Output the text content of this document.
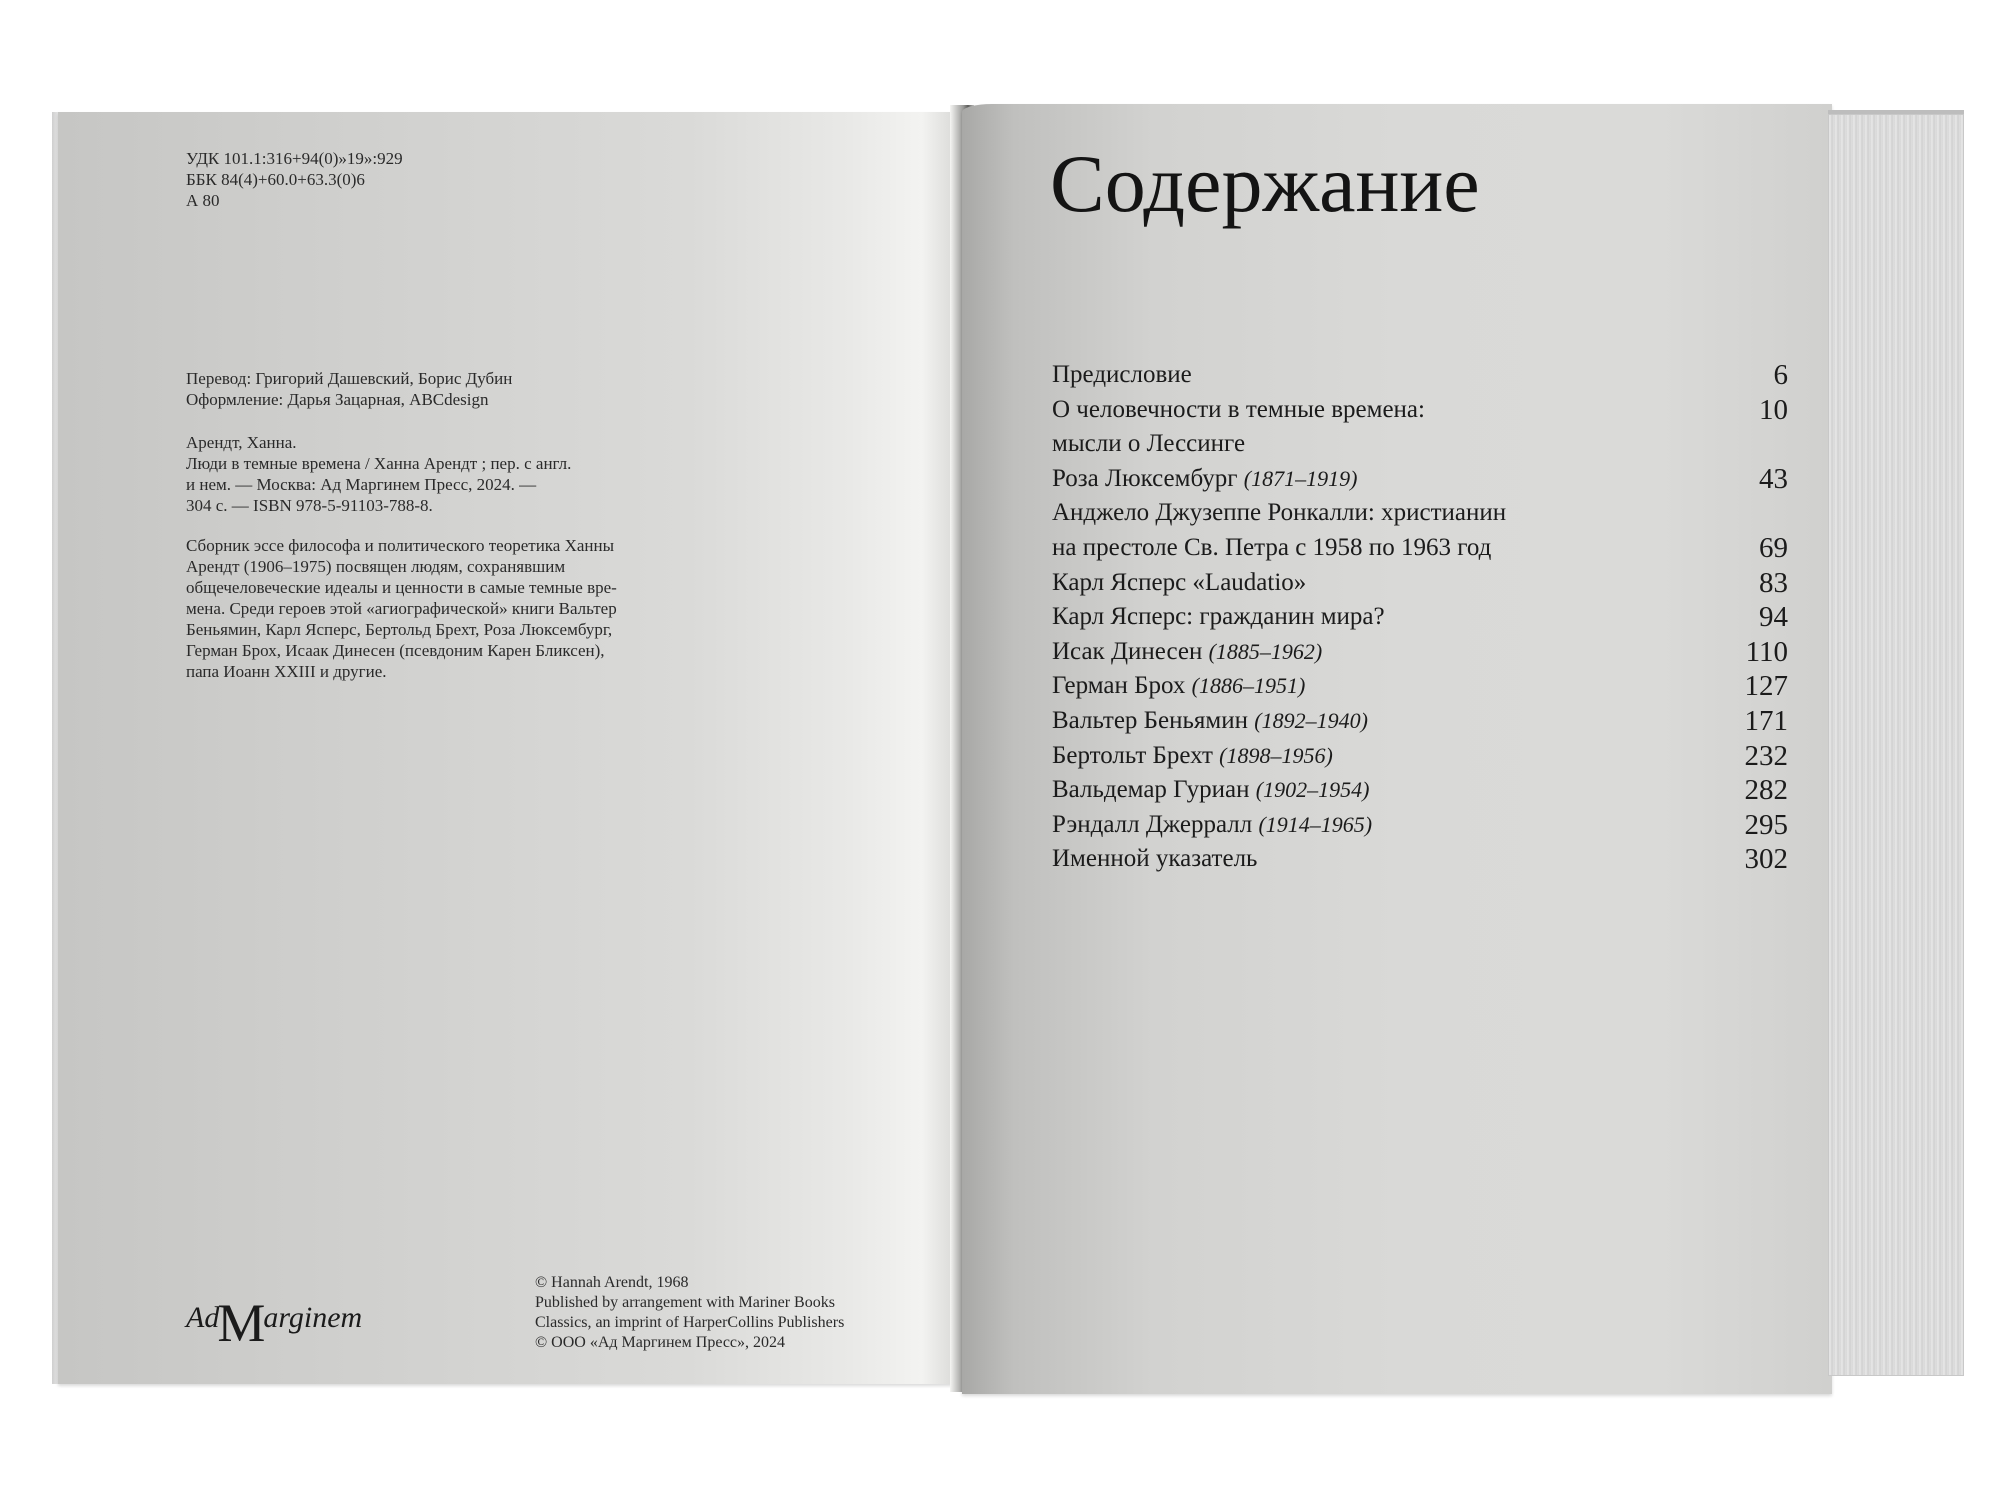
УДК 101.1:316+94(0)»19»:929
ББК 84(4)+60.0+63.3(0)6
А 80
Перевод: Григорий Дашевский, Борис Дубин
Оформление: Дарья Зацарная, ABCdesign
Арендт, Ханна.
Люди в темные времена / Ханна Арендт ; пер. с англ.
и нем. — Москва: Ад Маргинем Пресс, 2024. —
304 с. — ISBN 978-5-91103-788-8.
Сборник эссе философа и политического теоретика Ханны
Арендт (1906–1975) посвящен людям, сохранявшим
общечеловеческие идеалы и ценности в самые темные вре-
мена. Среди героев этой «агиографической» книги Вальтер
Беньямин, Карл Ясперс, Бертольд Брехт, Роза Люксембург,
Герман Брох, Исаак Динесен (псевдоним Карен Бликсен),
папа Иоанн XXIII и другие.
AdMarginem
© Hannah Arendt, 1968
Published by arrangement with Mariner Books
Classics, an imprint of HarperCollins Publishers
© ООО «Ад Маргинем Пресс», 2024
Содержание
Предисловие	6
О человечности в темные времена:	10
мысли о Лессинге
Роза Люксембург (1871–1919)	43
Анджело Джузеппе Ронкалли: христианин
на престоле Св. Петра с 1958 по 1963 год	69
Карл Ясперс «Laudatio»	83
Карл Ясперс: гражданин мира?	94
Исак Динесен (1885–1962)	110
Герман Брох (1886–1951)	127
Вальтер Беньямин (1892–1940)	171
Бертольт Брехт (1898–1956)	232
Вальдемар Гуриан (1902–1954)	282
Рэндалл Джерралл (1914–1965)	295
Именной указатель	302
